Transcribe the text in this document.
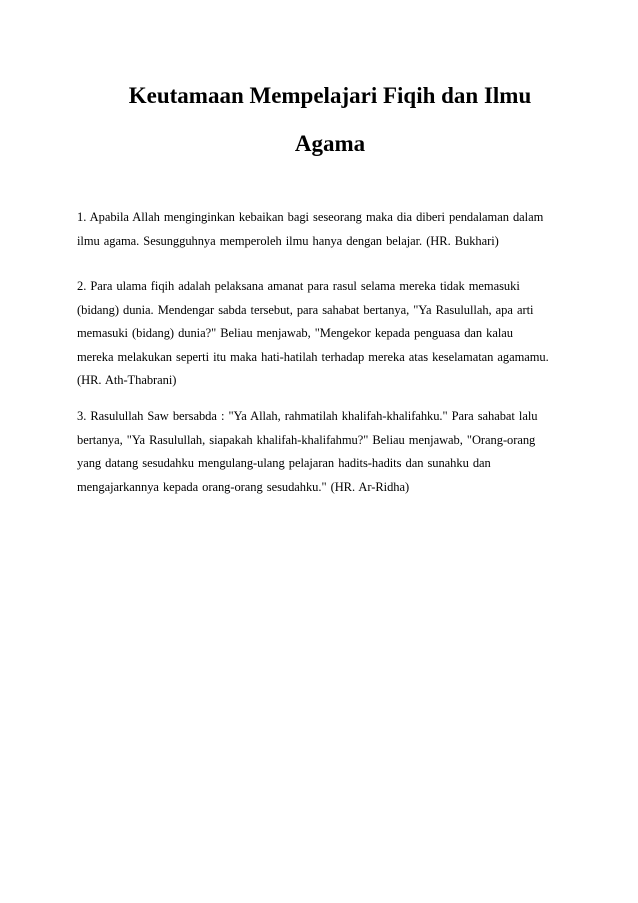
Keutamaan Mempelajari Fiqih dan Ilmu
Agama

1. Apabila Allah menginginkan kebaikan bagi seseorang maka dia diberi pendalaman dalam
ilmu agama. Sesungguhnya memperoleh ilmu hanya dengan belajar. (HR. Bukhari)

2. Para ulama fiqih adalah pelaksana amanat para rasul selama mereka tidak memasuki
(bidang) dunia. Mendengar sabda tersebut, para sahabat bertanya, "Ya Rasulullah, apa arti
memasuki (bidang) dunia?" Beliau menjawab, "Mengekor kepada penguasa dan kalau
mereka melakukan seperti itu maka hati-hatilah terhadap mereka atas keselamatan agamamu.
(HR. Ath-Thabrani)

3. Rasulullah Saw bersabda : "Ya Allah, rahmatilah khalifah-khalifahku." Para sahabat lalu
bertanya, "Ya Rasulullah, siapakah khalifah-khalifahmu?" Beliau menjawab, "Orang-orang
yang datang sesudahku mengulang-ulang pelajaran hadits-hadits dan sunahku dan
mengajarkannya kepada orang-orang sesudahku." (HR. Ar-Ridha)
